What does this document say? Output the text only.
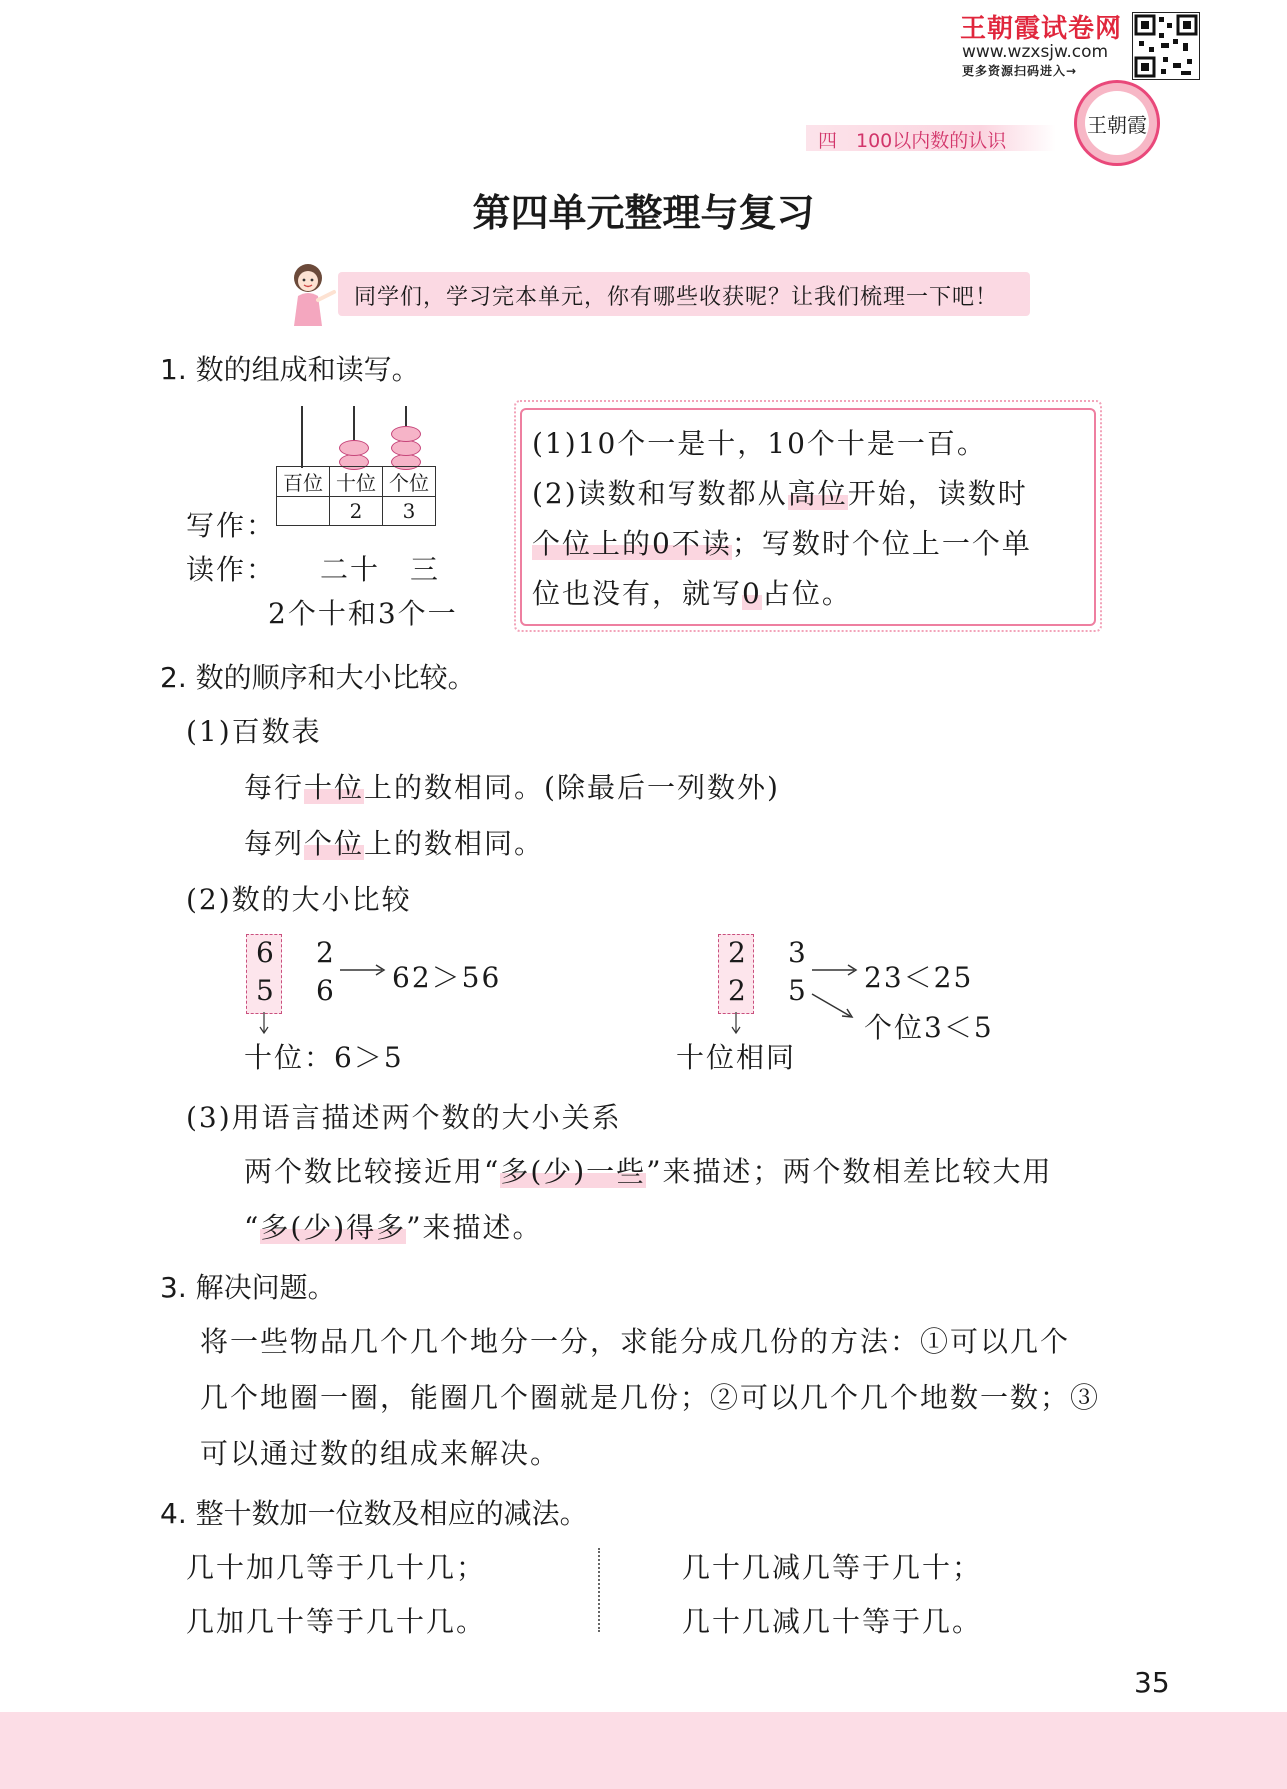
王朝霞试卷网
www.wzxsjw.com
更多资源扫码进入→
王朝霞
四　100以内数的认识
第四单元整理与复习
同学们，学习完本单元，你有哪些收获呢？让我们梳理一下吧！
1. 数的组成和读写。
百位	十位	个位
	2	3
写作：
读作： 二十　三
2个十和3个一
(1)10个一是十，10个十是一百。
(2)读数和写数都从高位开始，读数时
个位上的0不读；写数时个位上一个单
位也没有，就写0占位。
2. 数的顺序和大小比较。
(1)百数表
每行十位上的数相同。(除最后一列数外)
每列个位上的数相同。
(2)数的大小比较
6
5
2
6 62＞56
十位：6＞5
2
2
3
5 23＜25
个位3＜5
十位相同
(3)用语言描述两个数的大小关系
两个数比较接近用“多(少)一些”来描述；两个数相差比较大用
“多(少)得多”来描述。
3. 解决问题。
将一些物品几个几个地分一分，求能分成几份的方法：①可以几个
几个地圈一圈，能圈几个圈就是几份；②可以几个几个地数一数；③
可以通过数的组成来解决。
4. 整十数加一位数及相应的减法。
几十加几等于几十几；
几加几十等于几十几。
几十几减几等于几十；
几十几减几十等于几。
35
